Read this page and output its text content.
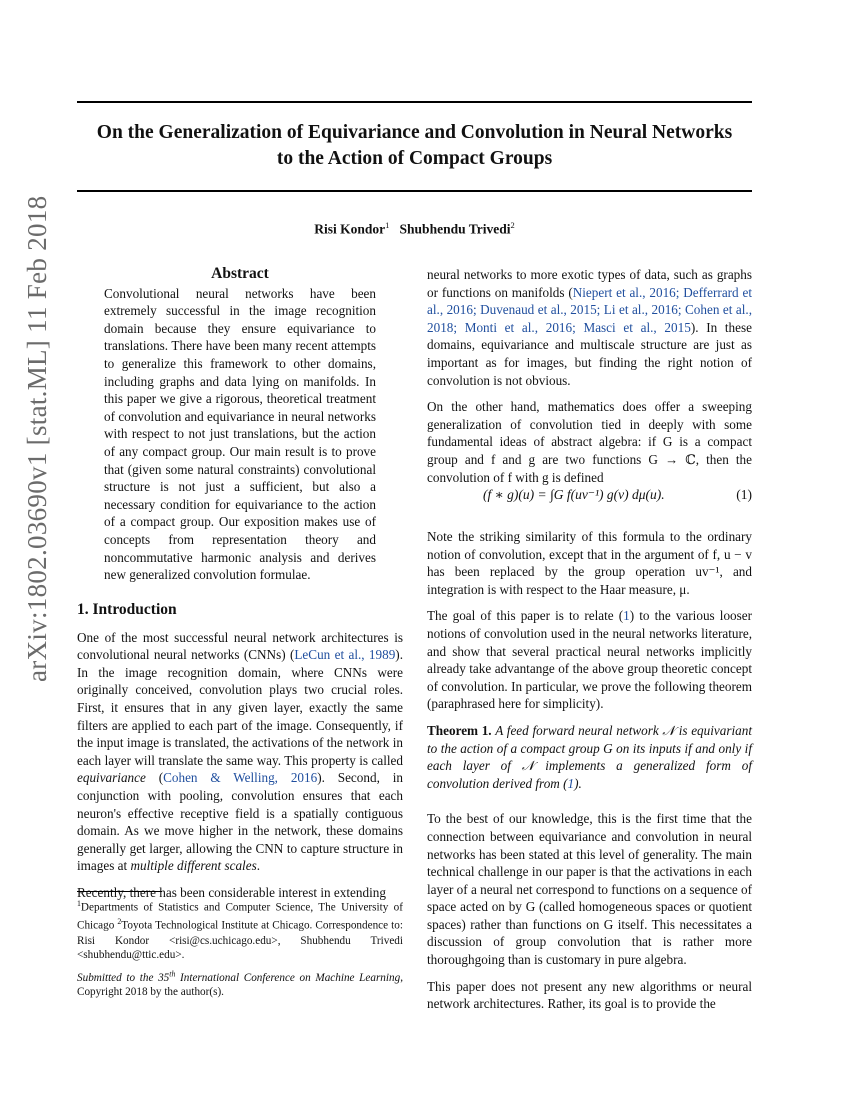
arXiv:1802.03690v1 [stat.ML] 11 Feb 2018
On the Generalization of Equivariance and Convolution in Neural Networks
to the Action of Compact Groups
Risi Kondor$^1$ Shubhendu Trivedi$^2$
Abstract

Convolutional neural networks have been extremely successful in the image recognition domain because they ensure equivariance to translations. There have been many recent attempts to generalize this framework to other domains, including graphs and data lying on manifolds. In this paper we give a rigorous, theoretical treatment of convolution and equivariance in neural networks with respect to not just translations, but the action of any compact group. Our main result is to prove that (given some natural constraints) convolutional structure is not just a sufficient, but also a necessary condition for equivariance to the action of a compact group. Our exposition makes use of concepts from representation theory and noncommutative harmonic analysis and derives new generalized convolution formulae.

1. Introduction

One of the most successful neural network architectures is convolutional neural networks (CNNs) (LeCun et al., 1989). In the image recognition domain, where CNNs were originally conceived, convolution plays two crucial roles. First, it ensures that in any given layer, exactly the same filters are applied to each part of the image. Consequently, if the input image is translated, the activations of the network in each layer will translate the same way. This property is called equivariance (Cohen & Welling, 2016). Second, in conjunction with pooling, convolution ensures that each neuron's effective receptive field is a spatially contiguous domain. As we move higher in the network, these domains generally get larger, allowing the CNN to capture structure in images at multiple different scales.

Recently, there has been considerable interest in extending

$^1$Departments of Statistics and Computer Science, The University of Chicago $^2$Toyota Technological Institute at Chicago. Correspondence to: Risi Kondor <risi@cs.uchicago.edu>, Shubhendu Trivedi <shubhendu@ttic.edu>.
Submitted to the 35th International Conference on Machine Learning, Copyright 2018 by the author(s).

neural networks to more exotic types of data, such as graphs or functions on manifolds (Niepert et al., 2016; Defferrard et al., 2016; Duvenaud et al., 2015; Li et al., 2016; Cohen et al., 2018; Monti et al., 2016; Masci et al., 2015). In these domains, equivariance and multiscale structure are just as important as for images, but finding the right notion of convolution is not obvious.

On the other hand, mathematics does offer a sweeping generalization of convolution tied in deeply with some fundamental ideas of abstract algebra: if G is a compact group and f and g are two functions G → ℂ, then the convolution of f with g is defined

(f ∗ g)(u) = ∫G f(uv⁻¹) g(v) dμ(u).	(1)

Note the striking similarity of this formula to the ordinary notion of convolution, except that in the argument of f, u − v has been replaced by the group operation uv⁻¹, and integration is with respect to the Haar measure, μ.

The goal of this paper is to relate (1) to the various looser notions of convolution used in the neural networks literature, and show that several practical neural networks implicitly already take advantange of the above group theoretic concept of convolution. In particular, we prove the following theorem (paraphrased here for simplicity).

Theorem 1. A feed forward neural network 𝒩 is equivariant to the action of a compact group G on its inputs if and only if each layer of 𝒩 implements a generalized form of convolution derived from (1).

To the best of our knowledge, this is the first time that the connection between equivariance and convolution in neural networks has been stated at this level of generality. The main technical challenge in our paper is that the activations in each layer of a neural net correspond to functions on a sequence of space acted on by G (called homogeneous spaces or quotient spaces) rather than functions on G itself. This necessitates a discussion of group convolution that is rather more thoroughgoing than is customary in pure algebra.

This paper does not present any new algorithms or neural network architectures. Rather, its goal is to provide the
